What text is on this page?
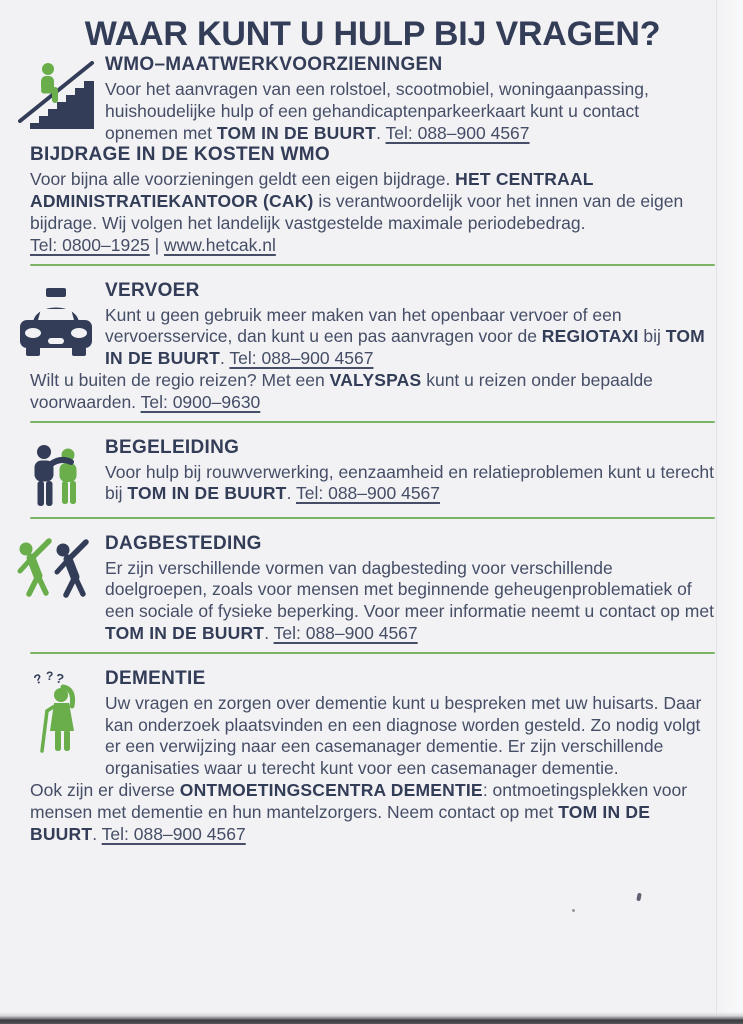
WAAR KUNT U HULP BIJ VRAGEN?
WMO–MAATWERKVOORZIENINGEN

Voor het aanvragen van een rolstoel, scootmobiel, woningaanpassing, huishoudelijke hulp of een gehandicaptenparkeerkaart kunt u contact opnemen met TOM IN DE BUURT. Tel: 088–900 4567

BIJDRAGE IN DE KOSTEN WMO

Voor bijna alle voorzieningen geldt een eigen bijdrage. HET CENTRAAL ADMINISTRATIEKANTOOR (CAK) is verantwoordelijk voor het innen van de eigen bijdrage. Wij volgen het landelijk vastgestelde maximale periodebedrag.

Tel: 0800–1925 | www.hetcak.nl

VERVOER

Kunt u geen gebruik meer maken van het openbaar vervoer of een vervoersservice, dan kunt u een pas aanvragen voor de REGIOTAXI bij TOM IN DE BUURT. Tel: 088–900 4567

Wilt u buiten de regio reizen? Met een VALYSPAS kunt u reizen onder bepaalde voorwaarden. Tel: 0900–9630

BEGELEIDING

Voor hulp bij rouwverwerking, eenzaamheid en relatieproblemen kunt u terecht bij TOM IN DE BUURT. Tel: 088–900 4567

DAGBESTEDING

Er zijn verschillende vormen van dagbesteding voor verschillende doelgroepen, zoals voor mensen met beginnende geheugenproblematiek of een sociale of fysieke beperking. Voor meer informatie neemt u contact op met TOM IN DE BUURT. Tel: 088–900 4567

? ? ? DEMENTIE

Uw vragen en zorgen over dementie kunt u bespreken met uw huisarts. Daar kan onderzoek plaatsvinden en een diagnose worden gesteld. Zo nodig volgt er een verwijzing naar een casemanager dementie. Er zijn verschillende organisaties waar u terecht kunt voor een casemanager dementie.

Ook zijn er diverse ONTMOETINGSCENTRA DEMENTIE: ontmoetingsplekken voor mensen met dementie en hun mantelzorgers. Neem contact op met TOM IN DE BUURT. Tel: 088–900 4567
